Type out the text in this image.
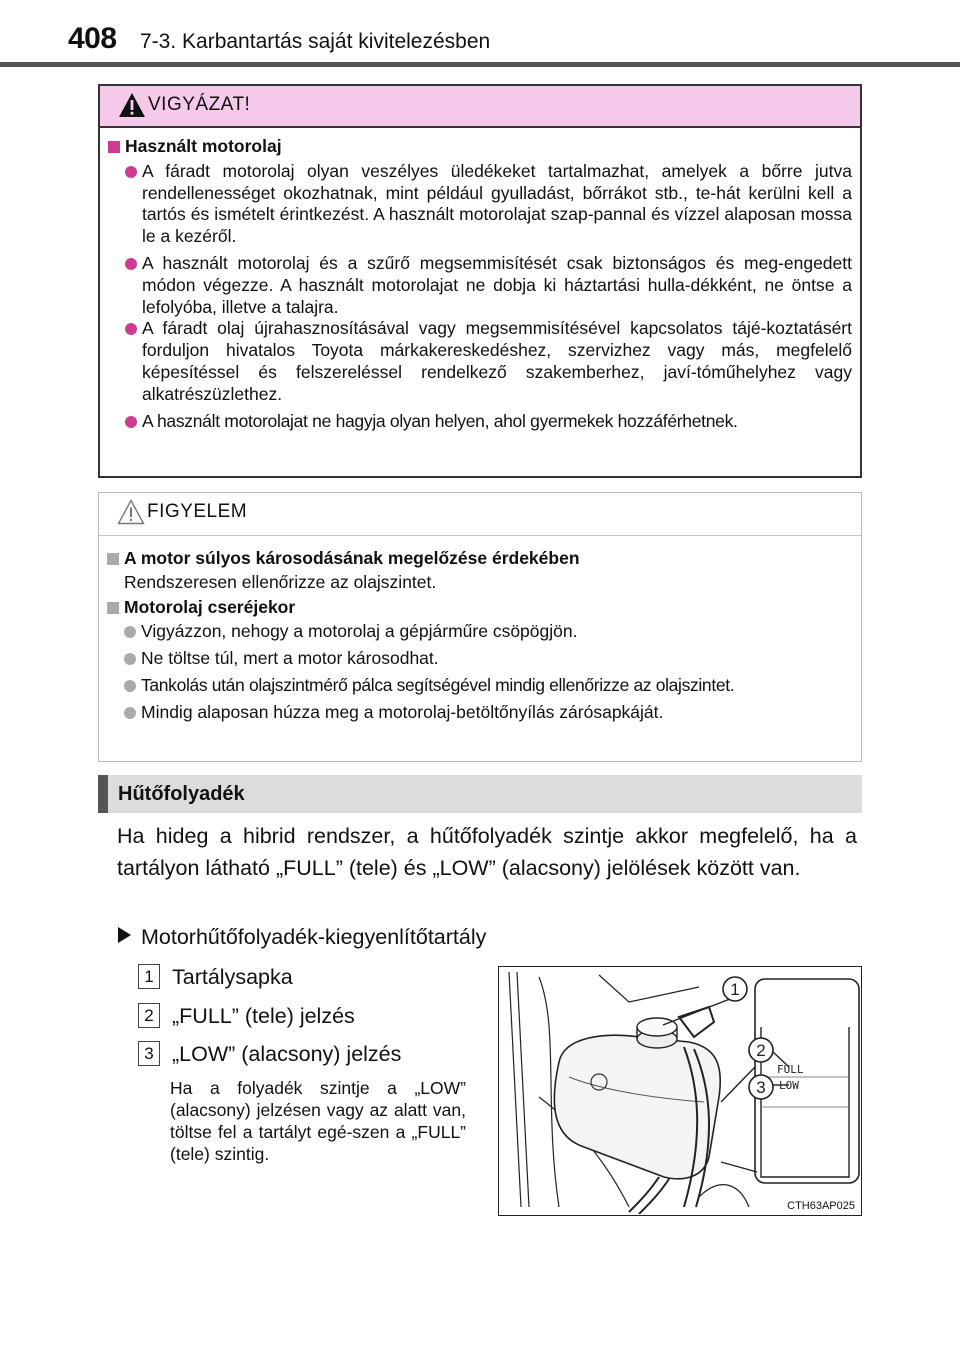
408 7-3. Karbantartás saját kivitelezésben
VIGYÁZAT!
Használt motorolaj
A fáradt motorolaj olyan veszélyes üledékeket tartalmazhat, amelyek a bőrre jutva rendellenességet okozhatnak, mint például gyulladást, bőrrákot stb., te-hát kerülni kell a tartós és ismételt érintkezést. A használt motorolajat szap-pannal és vízzel alaposan mossa le a kezéről.
A használt motorolaj és a szűrő megsemmisítését csak biztonságos és meg-engedett módon végezze. A használt motorolajat ne dobja ki háztartási hulla-dékként, ne öntse a lefolyóba, illetve a talajra.
A fáradt olaj újrahasznosításával vagy megsemmisítésével kapcsolatos tájé-koztatásért forduljon hivatalos Toyota márkakereskedéshez, szervizhez vagy más, megfelelő képesítéssel és felszereléssel rendelkező szakemberhez, javí-tóműhelyhez vagy alkatrészüzlethez.
A használt motorolajat ne hagyja olyan helyen, ahol gyermekek hozzáférhetnek.
FIGYELEM
A motor súlyos károsodásának megelőzése érdekében
Rendszeresen ellenőrizze az olajszintet.
Motorolaj cseréjekor
Vigyázzon, nehogy a motorolaj a gépjárműre csöpögjön.
Ne töltse túl, mert a motor károsodhat.
Tankolás után olajszintmérő pálca segítségével mindig ellenőrizze az olajszintet.
Mindig alaposan húzza meg a motorolaj-betöltőnyílás zárósapkáját.
Hűtőfolyadék
Ha hideg a hibrid rendszer, a hűtőfolyadék szintje akkor megfelelő, ha a tartályon látható „FULL” (tele) és „LOW” (alacsony) jelölések között van.
Motorhűtőfolyadék-kiegyenlítőtartály
1 Tartálysapka
2 „FULL” (tele) jelzés
3 „LOW” (alacsony) jelzés
Ha a folyadék szintje a „LOW” (alacsony) jelzésen vagy az alatt van, töltse fel a tartályt egé-szen a „FULL” (tele) szintig.
FULL
LOW
1
2
3
CTH63AP025
